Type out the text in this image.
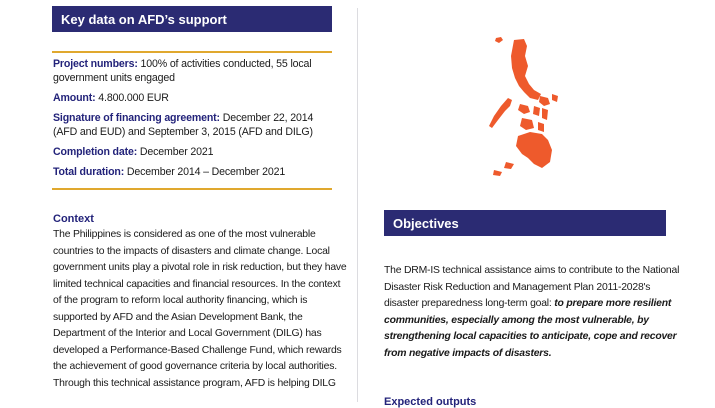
Key data on AFD’s support
Project numbers: 100% of activities conducted, 55 local government units engaged
Amount: 4.800.000 EUR
Signature of financing agreement: December 22, 2014 (AFD and EUD) and September 3, 2015 (AFD and DILG)
Completion date: December 2021
Total duration: December 2014 – December 2021
Context
The Philippines is considered as one of the most vulnerable countries to the impacts of disasters and climate change. Local government units play a pivotal role in risk reduction, but they have limited technical capacities and financial resources. In the context of the program to reform local authority financing, which is supported by AFD and the Asian Development Bank, the Department of the Interior and Local Government (DILG) has developed a Performance-Based Challenge Fund, which rewards the achievement of good governance criteria by local authorities. Through this technical assistance program, AFD is helping DILG
Objectives
The DRM-IS technical assistance aims to contribute to the National Disaster Risk Reduction and Management Plan 2011-2028's disaster preparedness long-term goal: to prepare more resilient communities, especially among the most vulnerable, by strengthening local capacities to anticipate, cope and recover from negative impacts of disasters.
Expected outputs
